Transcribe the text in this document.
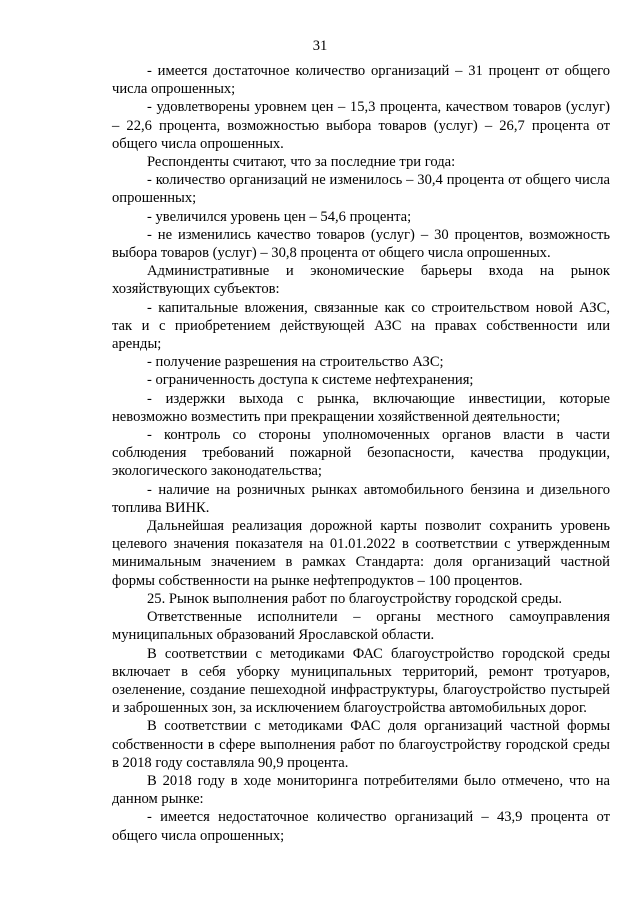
31

- имеется достаточное количество организаций – 31 процент от общего числа опрошенных;

- удовлетворены уровнем цен – 15,3 процента, качеством товаров (услуг) – 22,6 процента, возможностью выбора товаров (услуг) – 26,7 процента от общего числа опрошенных.

Респонденты считают, что за последние три года:

- количество организаций не изменилось – 30,4 процента от общего числа опрошенных;

- увеличился уровень цен – 54,6 процента;

- не изменились качество товаров (услуг) – 30 процентов, возможность выбора товаров (услуг) – 30,8 процента от общего числа опрошенных.

Административные и экономические барьеры входа на рынок хозяйствующих субъектов:

- капитальные вложения, связанные как со строительством новой АЗС, так и с приобретением действующей АЗС на правах собственности или аренды;

- получение разрешения на строительство АЗС;

- ограниченность доступа к системе нефтехранения;

- издержки выхода с рынка, включающие инвестиции, которые невозможно возместить при прекращении хозяйственной деятельности;

- контроль со стороны уполномоченных органов власти в части соблюдения требований пожарной безопасности, качества продукции, экологического законодательства;

- наличие на розничных рынках автомобильного бензина и дизельного топлива ВИНК.

Дальнейшая реализация дорожной карты позволит сохранить уровень целевого значения показателя на 01.01.2022 в соответствии с утвержденным минимальным значением в рамках Стандарта: доля организаций частной формы собственности на рынке нефтепродуктов – 100 процентов.

25. Рынок выполнения работ по благоустройству городской среды.

Ответственные исполнители – органы местного самоуправления муниципальных образований Ярославской области.

В соответствии с методиками ФАС благоустройство городской среды включает в себя уборку муниципальных территорий, ремонт тротуаров, озеленение, создание пешеходной инфраструктуры, благоустройство пустырей и заброшенных зон, за исключением благоустройства автомобильных дорог.

В соответствии с методиками ФАС доля организаций частной формы собственности в сфере выполнения работ по благоустройству городской среды в 2018 году составляла 90,9 процента.

В 2018 году в ходе мониторинга потребителями было отмечено, что на данном рынке:

- имеется недостаточное количество организаций – 43,9 процента от общего числа опрошенных;
